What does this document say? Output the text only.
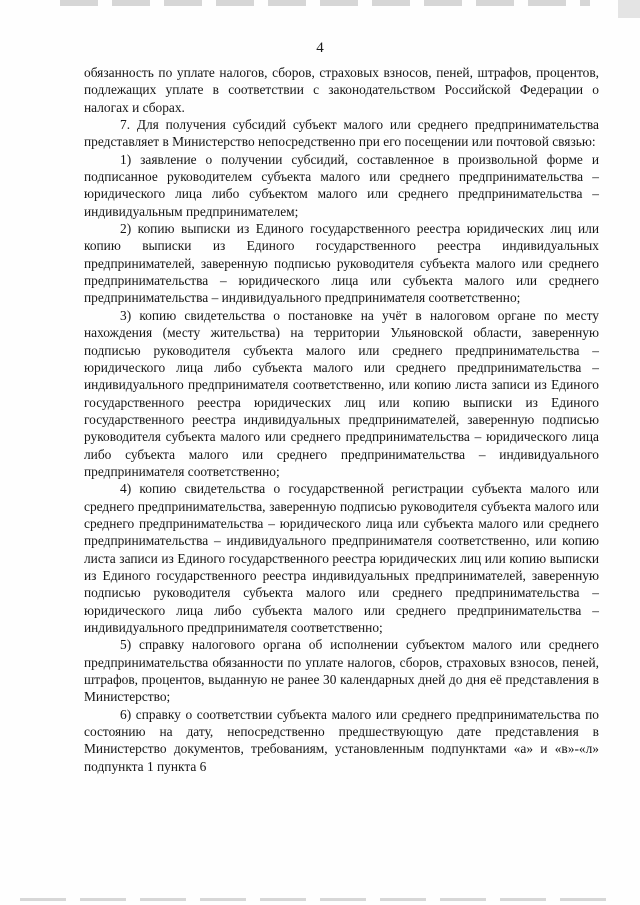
4

обязанность по уплате налогов, сборов, страховых взносов, пеней, штрафов, процентов, подлежащих уплате в соответствии с законодательством Российской Федерации о налогах и сборах.

7. Для получения субсидий субъект малого или среднего предпринимательства представляет в Министерство непосредственно при его посещении или почтовой связью:

1) заявление о получении субсидий, составленное в произвольной форме и подписанное руководителем субъекта малого или среднего предпринимательства – юридического лица либо субъектом малого или среднего предпринимательства – индивидуальным предпринимателем;

2) копию выписки из Единого государственного реестра юридических лиц или копию выписки из Единого государственного реестра индивидуальных предпринимателей, заверенную подписью руководителя субъекта малого или среднего предпринимательства – юридического лица или субъекта малого или среднего предпринимательства – индивидуального предпринимателя соответственно;

3) копию свидетельства о постановке на учёт в налоговом органе по месту нахождения (месту жительства) на территории Ульяновской области, заверенную подписью руководителя субъекта малого или среднего предпринимательства – юридического лица либо субъекта малого или среднего предпринимательства – индивидуального предпринимателя соответственно, или копию листа записи из Единого государственного реестра юридических лиц или копию выписки из Единого государственного реестра индивидуальных предпринимателей, заверенную подписью руководителя субъекта малого или среднего предпринимательства – юридического лица либо субъекта малого или среднего предпринимательства – индивидуального предпринимателя соответственно;

4) копию свидетельства о государственной регистрации субъекта малого или среднего предпринимательства, заверенную подписью руководителя субъекта малого или среднего предпринимательства – юридического лица или субъекта малого или среднего предпринимательства – индивидуального предпринимателя соответственно, или копию листа записи из Единого государственного реестра юридических лиц или копию выписки из Единого государственного реестра индивидуальных предпринимателей, заверенную подписью руководителя субъекта малого или среднего предпринимательства – юридического лица либо субъекта малого или среднего предпринимательства – индивидуального предпринимателя соответственно;

5) справку налогового органа об исполнении субъектом малого или среднего предпринимательства обязанности по уплате налогов, сборов, страховых взносов, пеней, штрафов, процентов, выданную не ранее 30 календарных дней до дня её представления в Министерство;

6) справку о соответствии субъекта малого или среднего предпринимательства по состоянию на дату, непосредственно предшествующую дате представления в Министерство документов, требованиям, установленным подпунктами «а» и «в»-«л» подпункта 1 пункта 6
